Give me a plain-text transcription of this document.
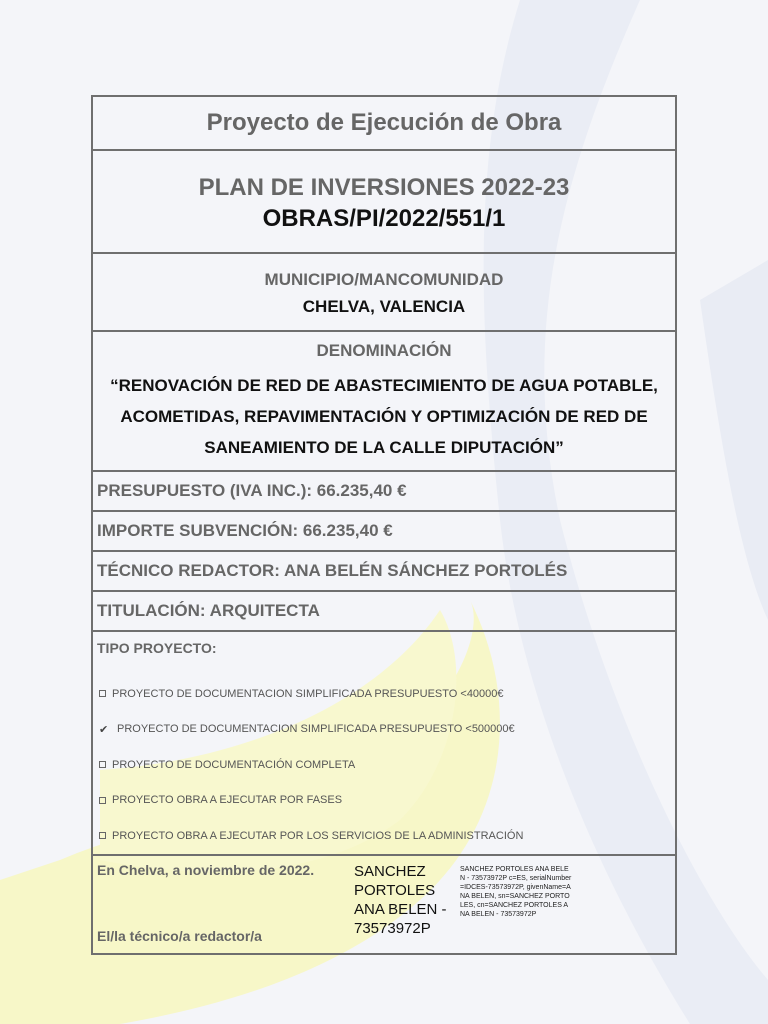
Proyecto de Ejecución de Obra
PLAN DE INVERSIONES 2022-23
OBRAS/PI/2022/551/1
MUNICIPIO/MANCOMUNIDAD
CHELVA, VALENCIA
DENOMINACIÓN
“RENOVACIÓN DE RED DE ABASTECIMIENTO DE AGUA POTABLE, ACOMETIDAS, REPAVIMENTACIÓN Y OPTIMIZACIÓN DE RED DE SANEAMIENTO DE LA CALLE DIPUTACIÓN”
PRESUPUESTO (IVA INC.): 66.235,40 €
IMPORTE SUBVENCIÓN: 66.235,40 €
TÉCNICO REDACTOR: ANA BELÉN SÁNCHEZ PORTOLÉS
TITULACIÓN: ARQUITECTA
TIPO PROYECTO:
PROYECTO DE DOCUMENTACION SIMPLIFICADA PRESUPUESTO <40000€
✔ PROYECTO DE DOCUMENTACION SIMPLIFICADA PRESUPUESTO <500000€
PROYECTO DE DOCUMENTACIÓN COMPLETA
PROYECTO OBRA A EJECUTAR POR FASES
PROYECTO OBRA A EJECUTAR POR LOS SERVICIOS DE LA ADMINISTRACIÓN
En Chelva, a noviembre de 2022.
El/la técnico/a redactor/a
SANCHEZ PORTOLES ANA BELEN - 73573972P
SANCHEZ PORTOLES ANA BELEN - 73573972P c=ES, serialNumber=IDCES-73573972P, givenName=ANA BELEN, sn=SANCHEZ PORTOLES, cn=SANCHEZ PORTOLES ANA BELEN - 73573972P
